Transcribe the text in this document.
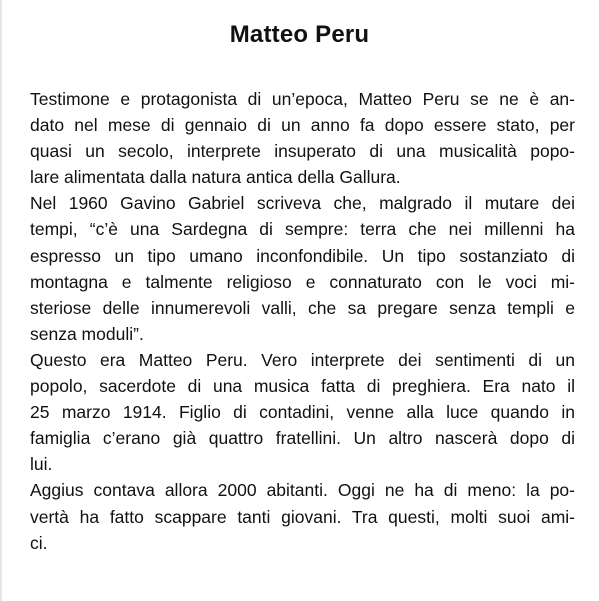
Matteo Peru
Testimone e protagonista di un’epoca, Matteo Peru se ne è an-
dato nel mese di gennaio di un anno fa dopo essere stato, per
quasi un secolo, interprete insuperato di una musicalità popo-
lare alimentata dalla natura antica della Gallura.
Nel 1960 Gavino Gabriel scriveva che, malgrado il mutare dei
tempi, “c’è una Sardegna di sempre: terra che nei millenni ha
espresso un tipo umano inconfondibile. Un tipo sostanziato di
montagna e talmente religioso e connaturato con le voci mi-
steriose delle innumerevoli valli, che sa pregare senza templi e
senza moduli”.
Questo era Matteo Peru. Vero interprete dei sentimenti di un
popolo, sacerdote di una musica fatta di preghiera. Era nato il
25 marzo 1914. Figlio di contadini, venne alla luce quando in
famiglia c’erano già quattro fratellini. Un altro nascerà dopo di
lui.
Aggius contava allora 2000 abitanti. Oggi ne ha di meno: la po-
vertà ha fatto scappare tanti giovani. Tra questi, molti suoi ami-
ci.
